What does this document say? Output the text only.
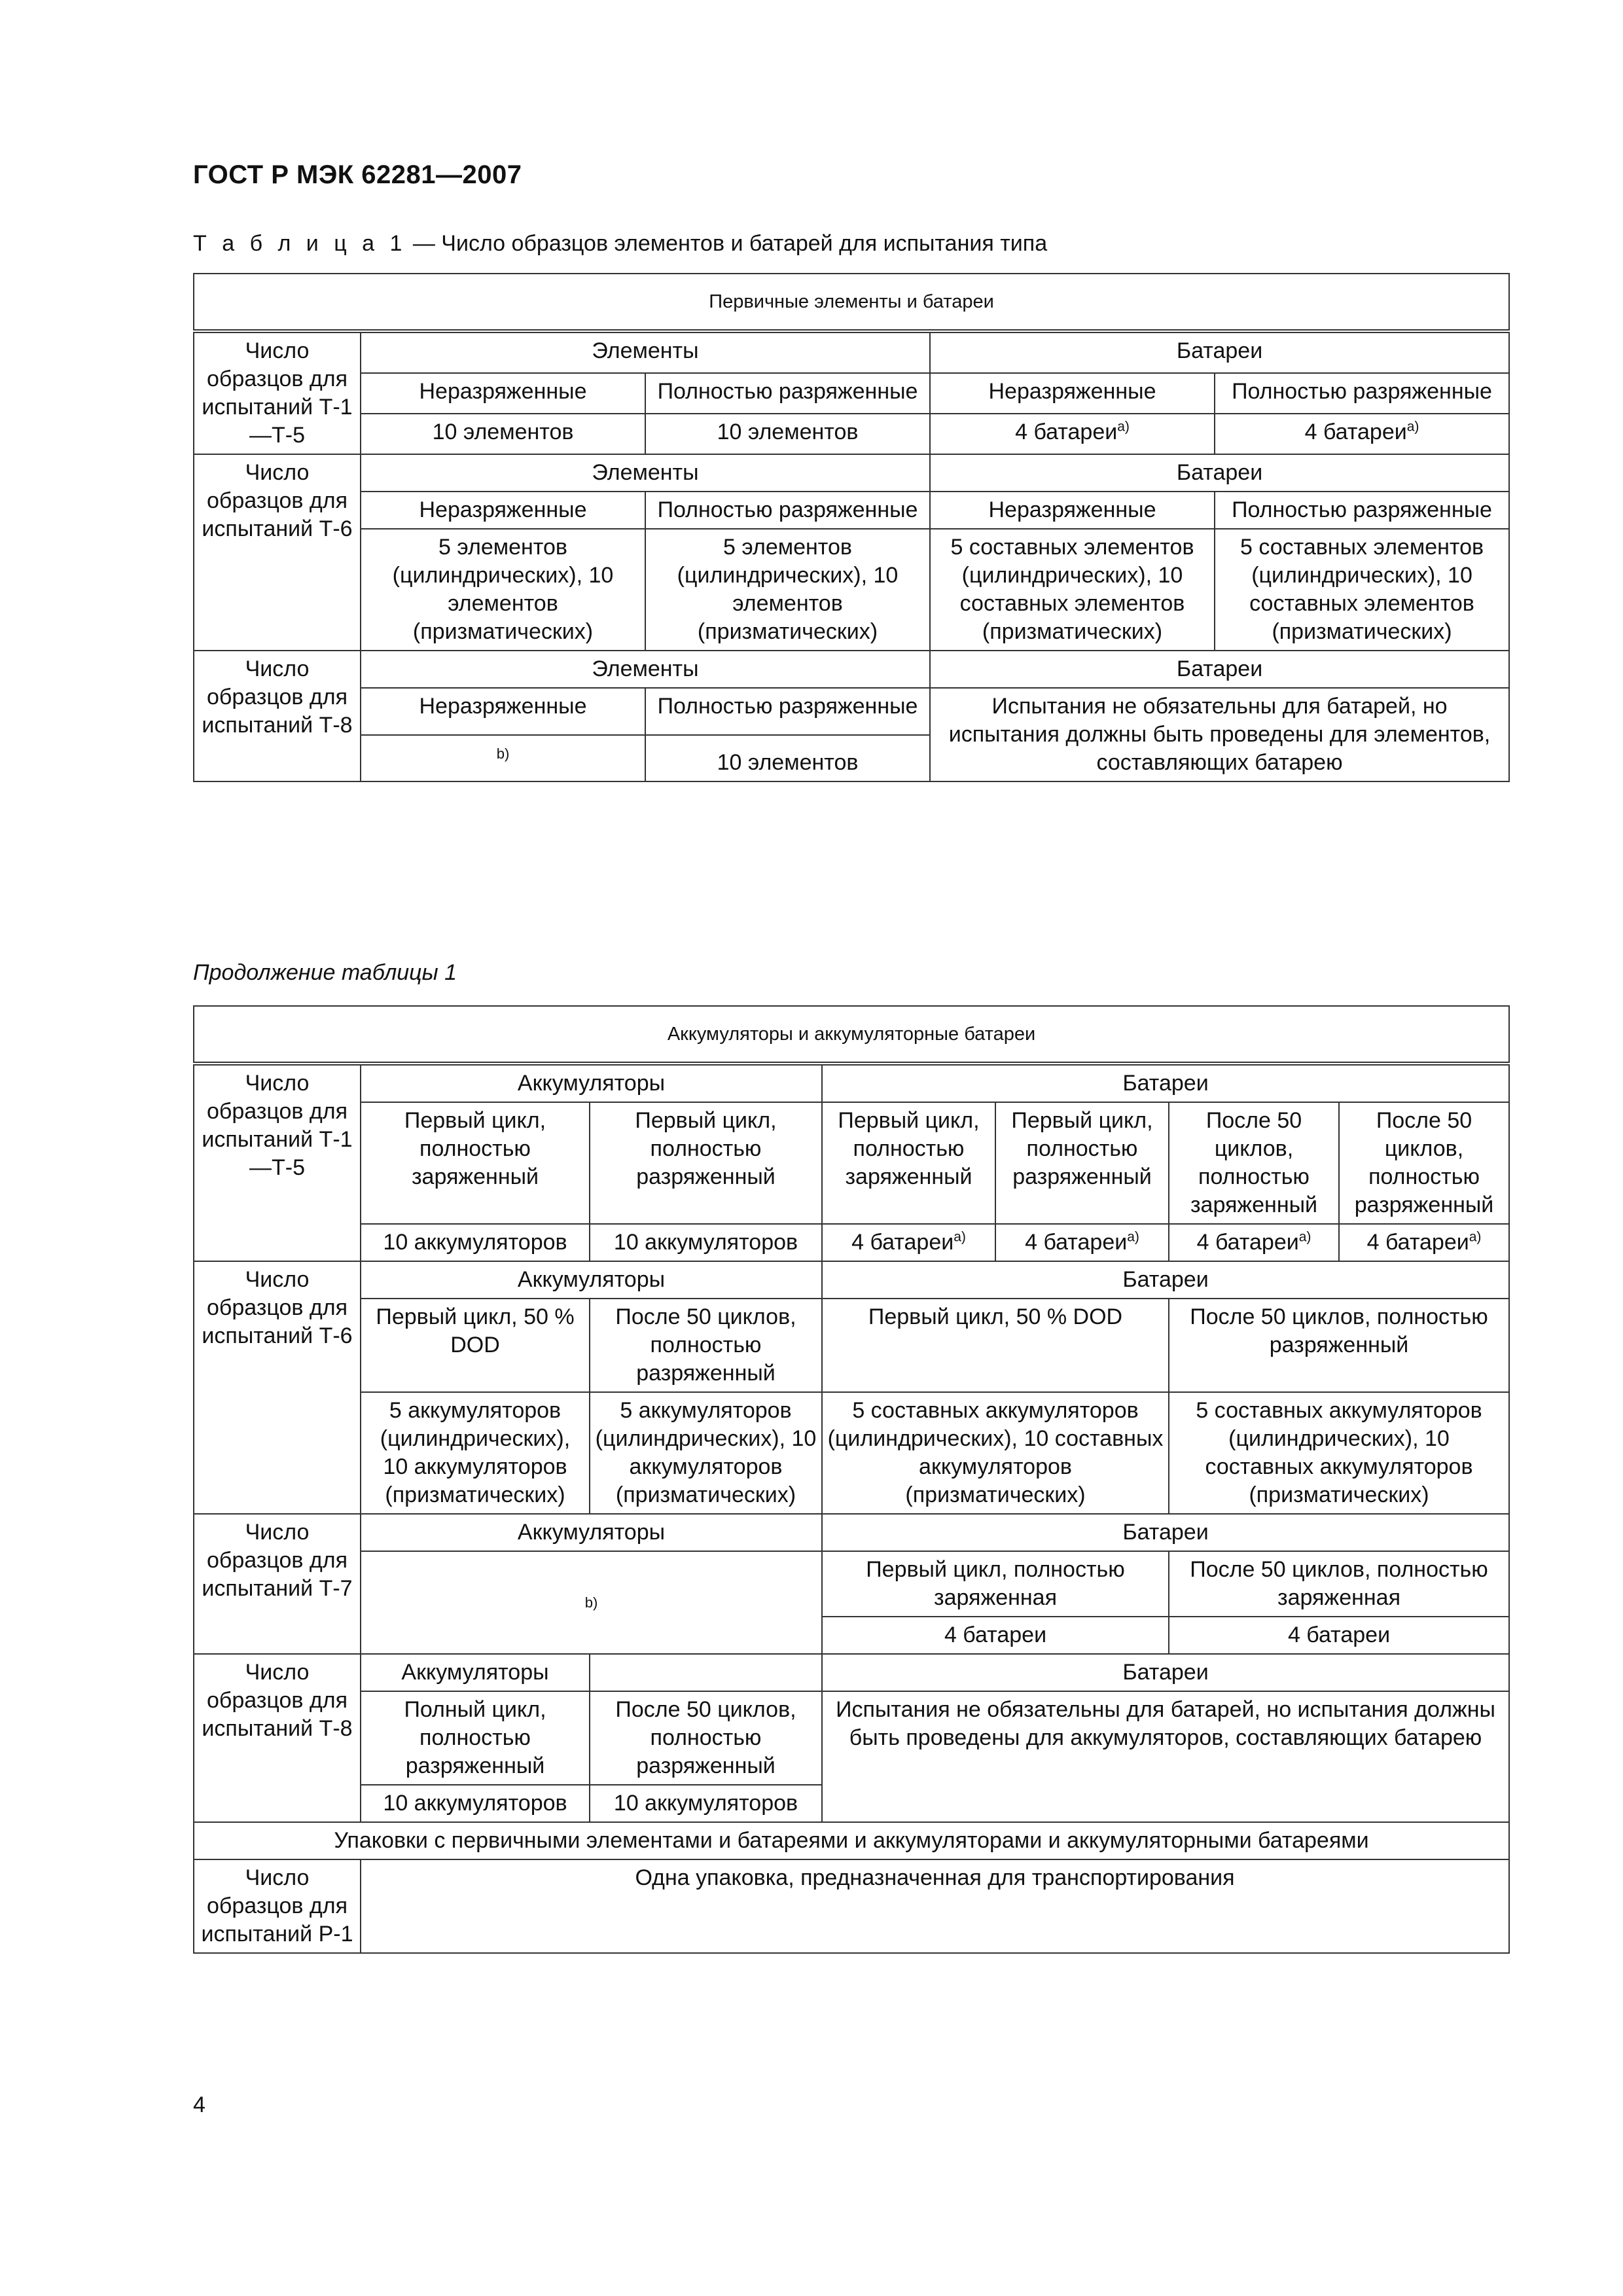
ГОСТ Р МЭК 62281—2007
Т а б л и ц а 1 — Число образцов элементов и батарей для испытания типа
Первичные элементы и батареи				
Число образцов для испытаний Т-1—Т-5	Элементы		Батареи	
	Неразряженные	Полностью разряженные	Неразряженные	Полностью разряженные
	10 элементов	10 элементов	4 батареи$^{a)}$	4 батареи$^{a)}$
Число образцов для испытаний Т-6	Элементы		Батареи	
	Неразряженные	Полностью разряженные	Неразряженные	Полностью разряженные
	5 элементов (цилиндрических), 10 элементов (призматических)	5 элементов (цилиндрических), 10 элементов (призматических)	5 составных элементов (цилиндрических), 10 составных элементов (призматических)	5 составных элементов (цилиндрических), 10 составных элементов (призматических)
Число образцов для испытаний Т-8	Элементы		Батареи	
	Неразряженные	Полностью разряженные	Испытания не обязательны для батарей, но испытания должны быть проведены для элементов, составляющих батарею	
	b)	10 элементов		
Продолжение таблицы 1
Аккумуляторы и аккумуляторные батареи						
Число образцов для испытаний Т-1—Т-5	Аккумуляторы		Батареи			
	Первый цикл, полностью заряженный	Первый цикл, полностью разряженный	Первый цикл, полностью заряженный	Первый цикл, полностью разряженный	После 50 циклов, полностью заряженный	После 50 циклов, полностью разряженный
	10 аккумуляторов	10 аккумуляторов	4 батареи$^{a)}$	4 батареи$^{a)}$	4 батареи$^{a)}$	4 батареи$^{a)}$
Число образцов для испытаний Т-6	Аккумуляторы		Батареи			
	Первый цикл, 50 % DOD	После 50 циклов, полностью разряженный	Первый цикл, 50 % DOD		После 50 циклов, полностью разряженный	
	5 аккумуляторов (цилиндрических), 10 аккумуляторов (призматических)	5 аккумуляторов (цилиндрических), 10 аккумуляторов (призматических)	5 составных аккумуляторов (цилиндрических), 10 составных аккумуляторов (призматических)		5 составных аккумуляторов (цилиндрических), 10 составных аккумуляторов (призматических)	
Число образцов для испытаний Т-7	Аккумуляторы		Батареи			
	b)		Первый цикл, полностью заряженная		После 50 циклов, полностью заряженная	
			4 батареи		4 батареи	
Число образцов для испытаний Т-8	Аккумуляторы		Батареи			
	Полный цикл, полностью разряженный	После 50 циклов, полностью разряженный	Испытания не обязательны для батарей, но испытания должны быть проведены для аккумуляторов, составляющих батарею			
	10 аккумуляторов	10 аккумуляторов				
Упаковки с первичными элементами и батареями и аккумуляторами и аккумуляторными батареями						
Число образцов для испытаний Р-1	Одна упаковка, предназначенная для транспортирования					
4
